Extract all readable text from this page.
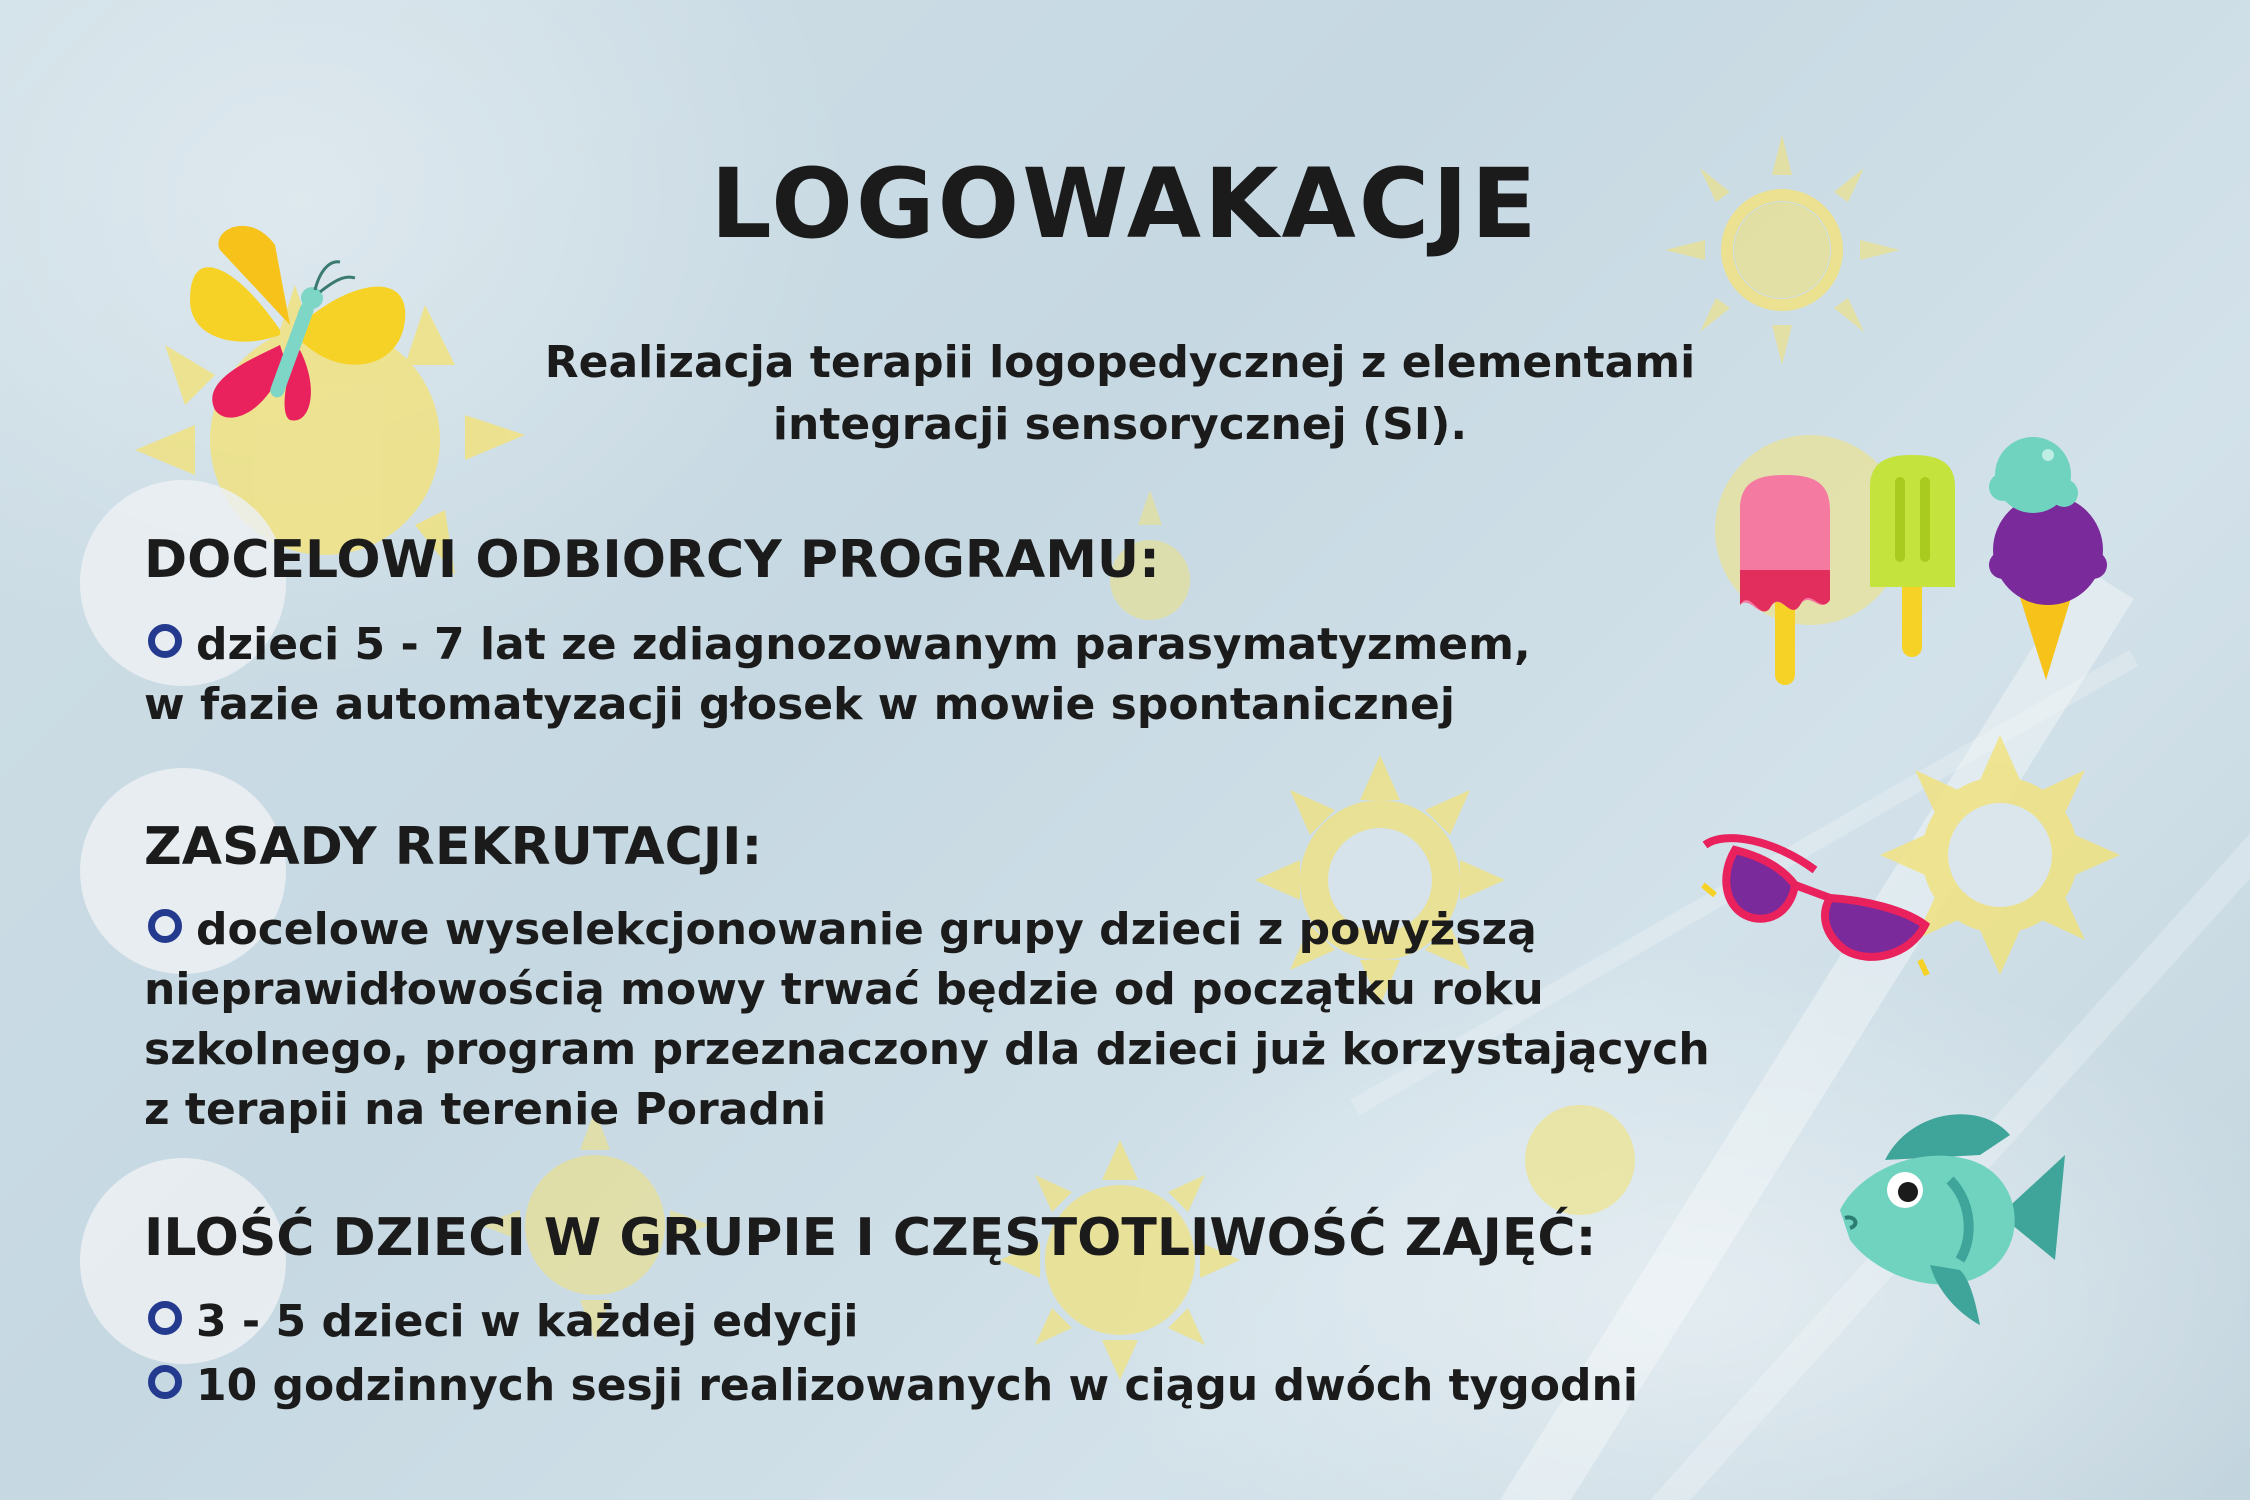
LOGOWAKACJE
Realizacja terapii logopedycznej z elementami
integracji sensorycznej (SI).
DOCELOWI ODBIORCY PROGRAMU:
dzieci 5 - 7 lat ze zdiagnozowanym parasymatyzmem,
w fazie automatyzacji głosek w mowie spontanicznej
ZASADY REKRUTACJI:
docelowe wyselekcjonowanie grupy dzieci z powyższą
nieprawidłowością mowy trwać będzie od początku roku
szkolnego, program przeznaczony dla dzieci już korzystających
z terapii na terenie Poradni
ILOŚĆ DZIECI W GRUPIE I CZĘSTOTLIWOŚĆ ZAJĘĆ:
3 - 5 dzieci w każdej edycji
10 godzinnych sesji realizowanych w ciągu dwóch tygodni
